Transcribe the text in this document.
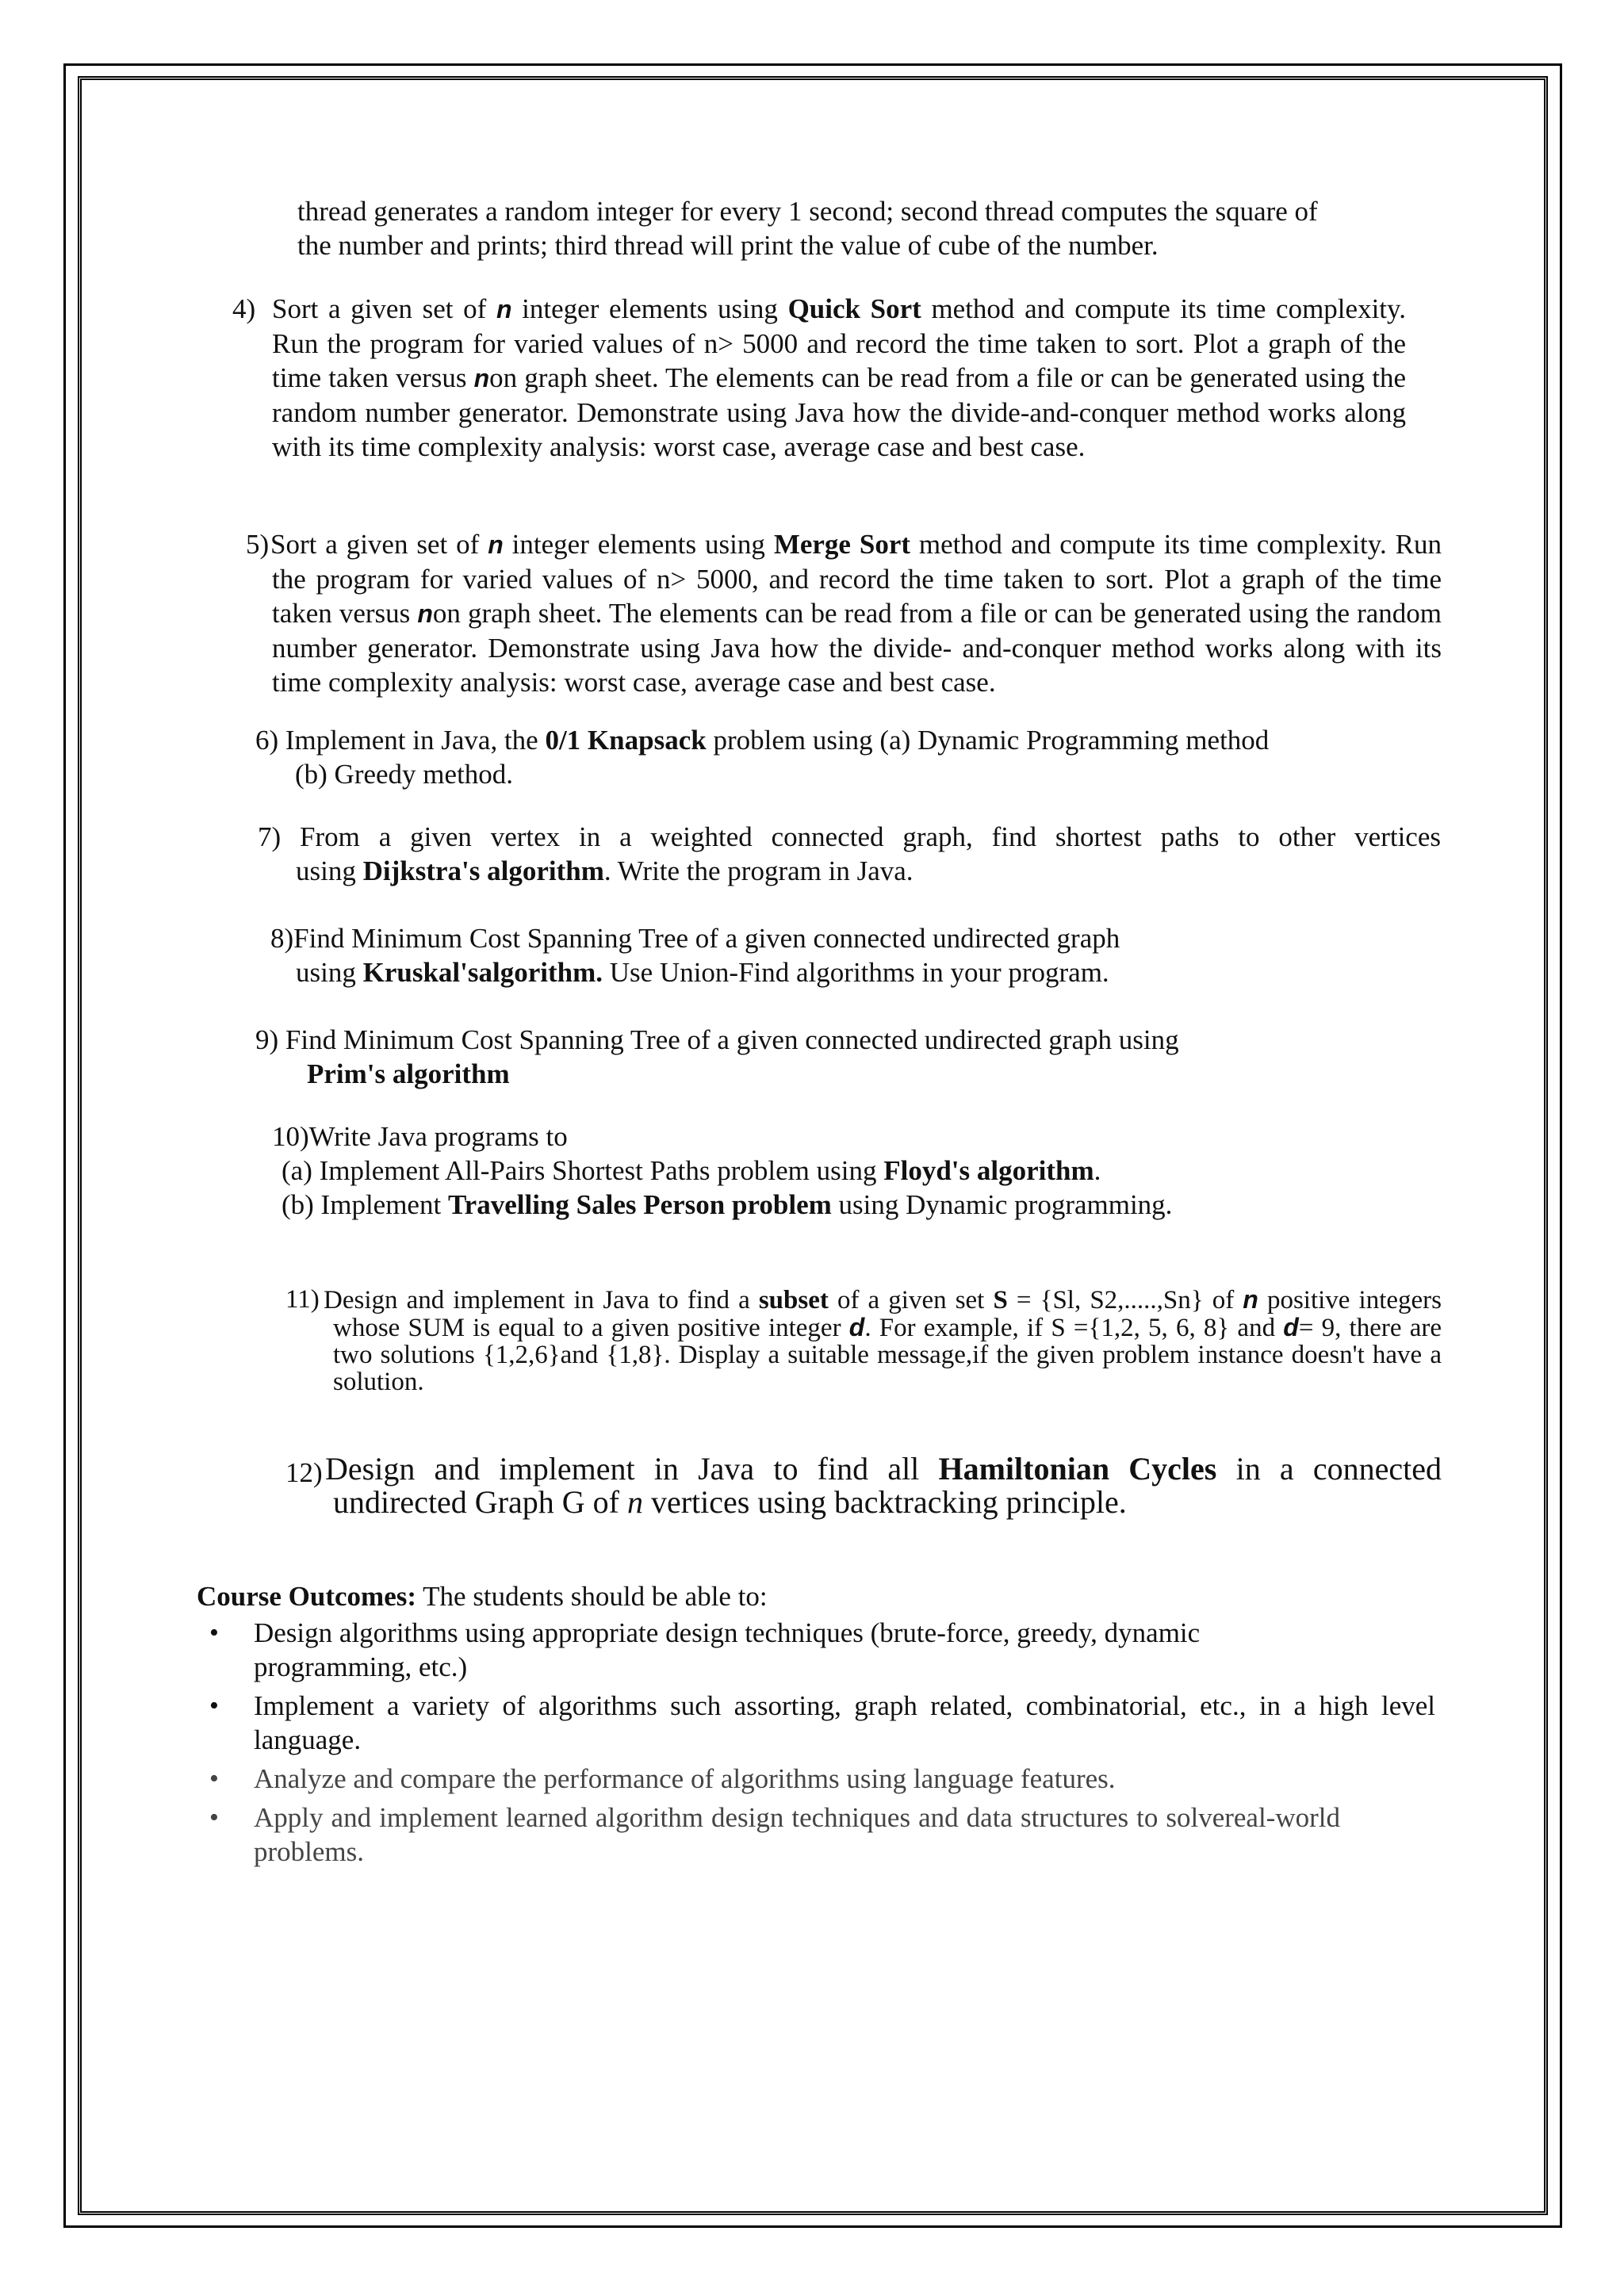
thread generates a random integer for every 1 second; second thread computes the square of

the number and prints; third thread will print the value of cube of the number.

4) Sort a given set of n integer elements using Quick Sort method and compute its time complexity. Run the program for varied values of n> 5000 and record the time taken to sort. Plot a graph of the time taken versus non graph sheet. The elements can be read from a file or can be generated using the random number generator. Demonstrate using Java how the divide-and-conquer method works along with its time complexity analysis: worst case, average case and best case.
5) Sort a given set of n integer elements using Merge Sort method and compute its time complexity. Run the program for varied values of n> 5000, and record the time taken to sort. Plot a graph of the time taken versus non graph sheet. The elements can be read from a file or can be generated using the random number generator. Demonstrate using Java how the divide- and-conquer method works along with its time complexity analysis: worst case, average case and best case.

6) Implement in Java, the 0/1 Knapsack problem using (a) Dynamic Programming method

(b) Greedy method.

7) From a given vertex in a weighted connected graph, find shortest paths to other vertices

using Dijkstra's algorithm. Write the program in Java.

8)Find Minimum Cost Spanning Tree of a given connected undirected graph

using Kruskal'salgorithm. Use Union-Find algorithms in your program.

9) Find Minimum Cost Spanning Tree of a given connected undirected graph using

Prim's algorithm

10)Write Java programs to

(a) Implement All-Pairs Shortest Paths problem using Floyd's algorithm.

(b) Implement Travelling Sales Person problem using Dynamic programming.

11) Design and implement in Java to find a subset of a given set S = {Sl, S2,.....,Sn} of n positive integers whose SUM is equal to a given positive integer d. For example, if S ={1,2, 5, 6, 8} and d= 9, there are two solutions {1,2,6}and {1,8}. Display a suitable message,if the given problem instance doesn't have a solution.
12) Design and implement in Java to find all Hamiltonian Cycles in a connected undirected Graph G of n vertices using backtracking principle.
Course Outcomes: The students should be able to:
• Design algorithms using appropriate design techniques (brute-force, greedy, dynamic programming, etc.)
• Implement a variety of algorithms such assorting, graph related, combinatorial, etc., in a high level language.
• Analyze and compare the performance of algorithms using language features.
• Apply and implement learned algorithm design techniques and data structures to solvereal-world problems.
